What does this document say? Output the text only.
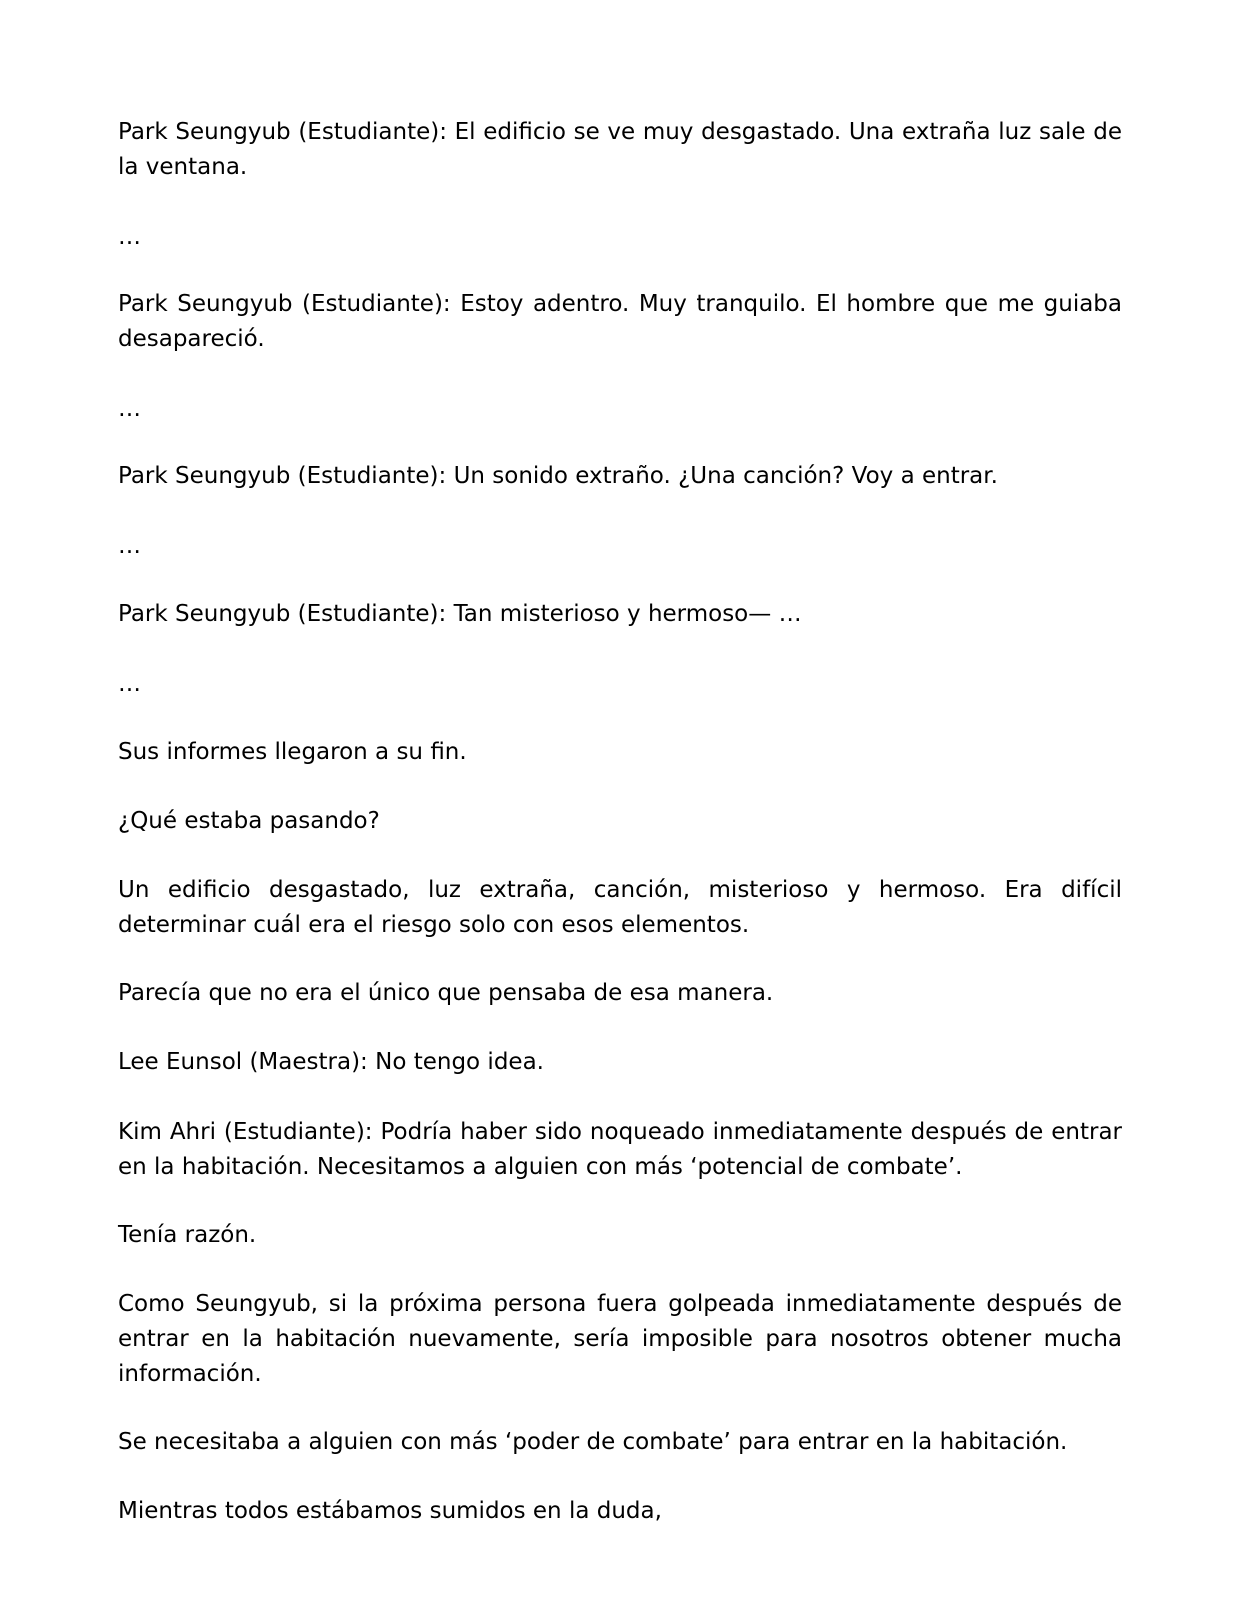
Park Seungyub (Estudiante): El edificio se ve muy desgastado. Una extraña luz sale de la ventana.

…

Park Seungyub (Estudiante): Estoy adentro. Muy tranquilo. El hombre que me guiaba desapareció.

…

Park Seungyub (Estudiante): Un sonido extraño. ¿Una canción? Voy a entrar.

…

Park Seungyub (Estudiante): Tan misterioso y hermoso— …

…

Sus informes llegaron a su fin.

¿Qué estaba pasando?

Un edificio desgastado, luz extraña, canción, misterioso y hermoso. Era difícil determinar cuál era el riesgo solo con esos elementos.

Parecía que no era el único que pensaba de esa manera.

Lee Eunsol (Maestra): No tengo idea.

Kim Ahri (Estudiante): Podría haber sido noqueado inmediatamente después de entrar en la habitación. Necesitamos a alguien con más ‘potencial de combate’.

Tenía razón.

Como Seungyub, si la próxima persona fuera golpeada inmediatamente después de entrar en la habitación nuevamente, sería imposible para nosotros obtener mucha información.

Se necesitaba a alguien con más ‘poder de combate’ para entrar en la habitación.

Mientras todos estábamos sumidos en la duda,
